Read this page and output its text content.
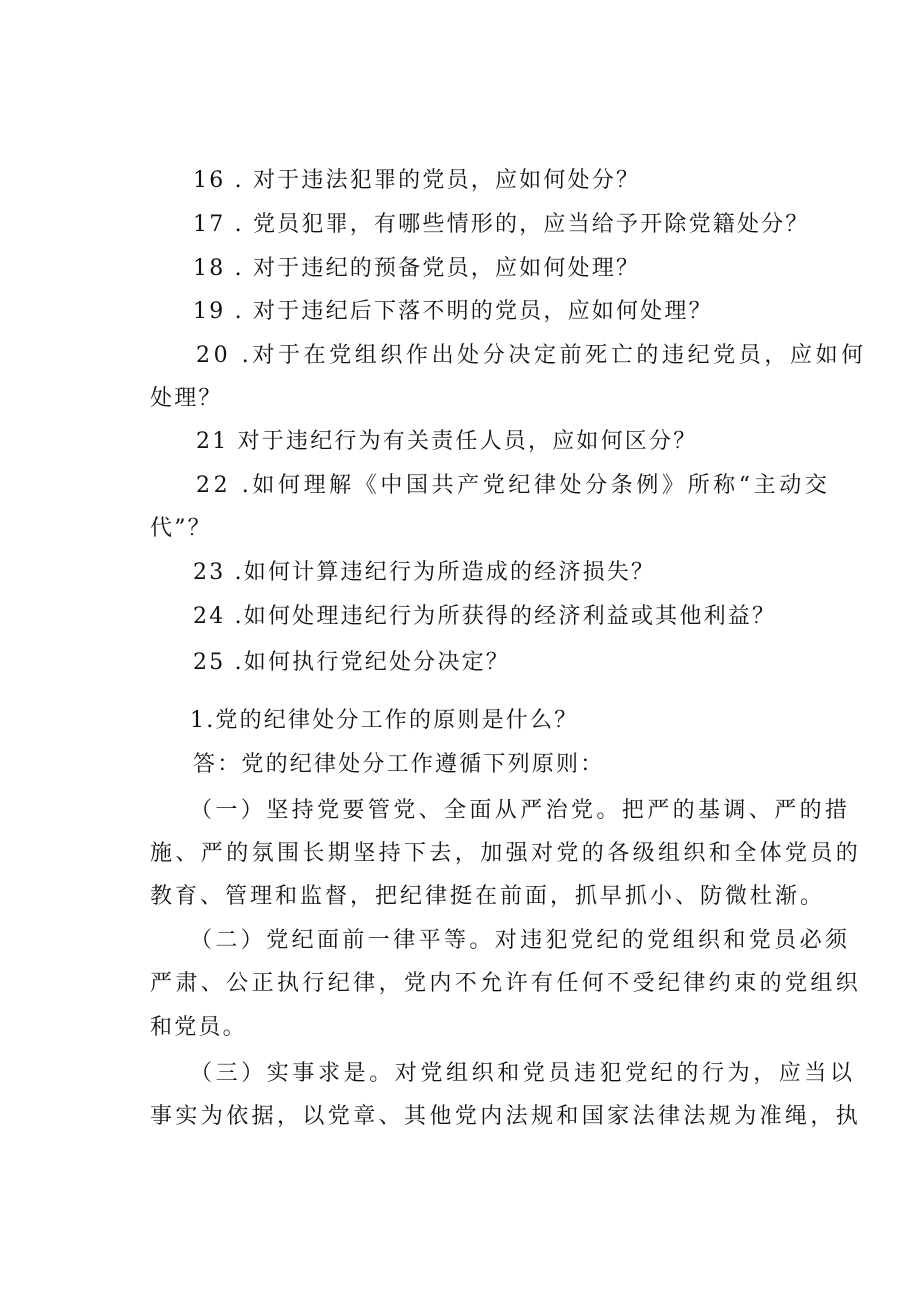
16 . 对于违法犯罪的党员，应如何处分？
17 . 党员犯罪，有哪些情形的，应当给予开除党籍处分？
18 . 对于违纪的预备党员，应如何处理？
19 . 对于违纪后下落不明的党员，应如何处理？
20 .对于在党组织作出处分决定前死亡的违纪党员，应如何
处理？
21 对于违纪行为有关责任人员，应如何区分？
22 .如何理解《中国共产党纪律处分条例》所称“主动交
代”？
23 .如何计算违纪行为所造成的经济损失？
24 .如何处理违纪行为所获得的经济利益或其他利益？
25 .如何执行党纪处分决定？
1.党的纪律处分工作的原则是什么？
答：党的纪律处分工作遵循下列原则：
（一）坚持党要管党、全面从严治党。把严的基调、严的措
施、严的氛围长期坚持下去，加强对党的各级组织和全体党员的
教育、管理和监督，把纪律挺在前面，抓早抓小、防微杜渐。
（二）党纪面前一律平等。对违犯党纪的党组织和党员必须
严肃、公正执行纪律，党内不允许有任何不受纪律约束的党组织
和党员。
（三）实事求是。对党组织和党员违犯党纪的行为，应当以
事实为依据，以党章、其他党内法规和国家法律法规为准绳，执
